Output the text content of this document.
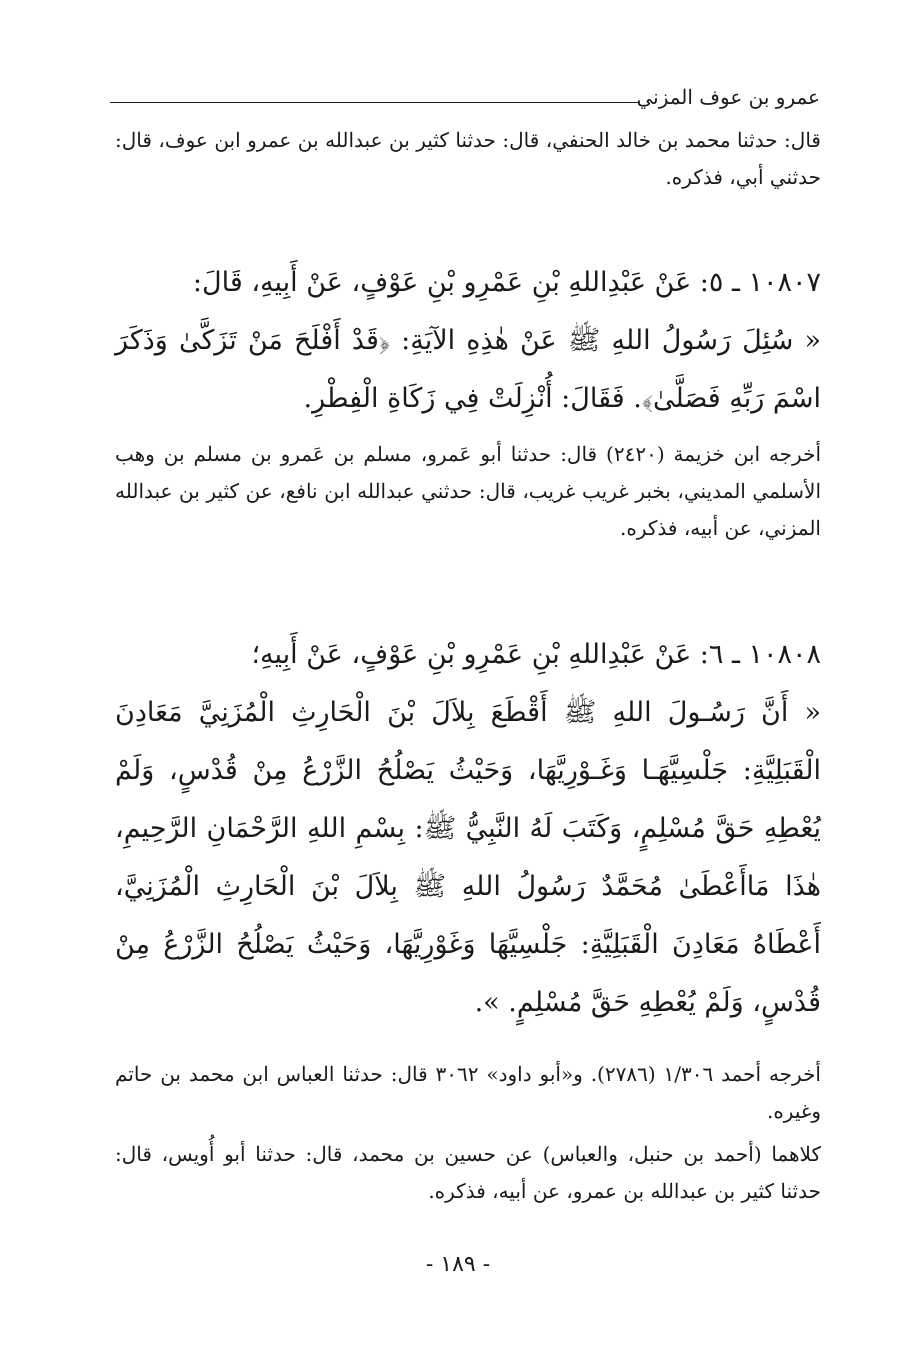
عمرو بن عوف المزني

قال: حدثنا محمد بن خالد الحنفي، قال: حدثنا كثير بن عبدالله بن عمرو ابن عوف، قال: حدثني أبي، فذكره.

١٠٨٠٧ ـ ٥: عَنْ عَبْدِاللهِ بْنِ عَمْرِو بْنِ عَوْفٍ، عَنْ أَبِيهِ، قَالَ:

« سُئِلَ رَسُولُ اللهِ ﷺ عَنْ هٰذِهِ الآيَةِ: ﴿قَدْ أَفْلَحَ مَنْ تَزَكَّىٰ وَذَكَرَ اسْمَ رَبِّهِ فَصَلَّىٰ﴾. فَقَالَ: أُنْزِلَتْ فِي زَكَاةِ الْفِطْرِ.

أخرجه ابن خزيمة (٢٤٢٠) قال: حدثنا أبو عَمرو، مسلم بن عَمرو بن مسلم بن وهب الأسلمي المديني، بخبر غريب غريب، قال: حدثني عبدالله ابن نافع، عن كثير بن عبدالله المزني، عن أبيه، فذكره.

١٠٨٠٨ ـ ٦: عَنْ عَبْدِاللهِ بْنِ عَمْرِو بْنِ عَوْفٍ، عَنْ أَبِيهِ؛

« أَنَّ رَسُـولَ اللهِ ﷺ أَقْطَعَ بِلاَلَ بْنَ الْحَارِثِ الْمُزَنِيَّ مَعَادِنَ الْقَبَلِيَّةِ: جَلْسِيَّهَـا وَغَـوْرِيَّهَا، وَحَيْثُ يَصْلُحُ الزَّرْعُ مِنْ قُدْسٍ، وَلَمْ يُعْطِهِ حَقَّ مُسْلِمٍ، وَكَتَبَ لَهُ النَّبِيُّ ﷺ: بِسْمِ اللهِ الرَّحْمَانِ الرَّحِيمِ، هٰذَا مَاأَعْطَىٰ مُحَمَّدٌ رَسُولُ اللهِ ﷺ بِلاَلَ بْنَ الْحَارِثِ الْمُزَنِيَّ، أَعْطَاهُ مَعَادِنَ الْقَبَلِيَّةِ: جَلْسِيَّهَا وَغَوْرِيَّهَا، وَحَيْثُ يَصْلُحُ الزَّرْعُ مِنْ قُدْسٍ، وَلَمْ يُعْطِهِ حَقَّ مُسْلِمٍ. ».

أخرجه أحمد ١/٣٠٦ (٢٧٨٦). و«أبو داود» ٣٠٦٢ قال: حدثنا العباس ابن محمد بن حاتم وغيره.

كلاهما (أحمد بن حنبل، والعباس) عن حسين بن محمد، قال: حدثنا أبو أُويس، قال: حدثنا كثير بن عبدالله بن عمرو، عن أبيه، فذكره.

- ١٨٩ -
